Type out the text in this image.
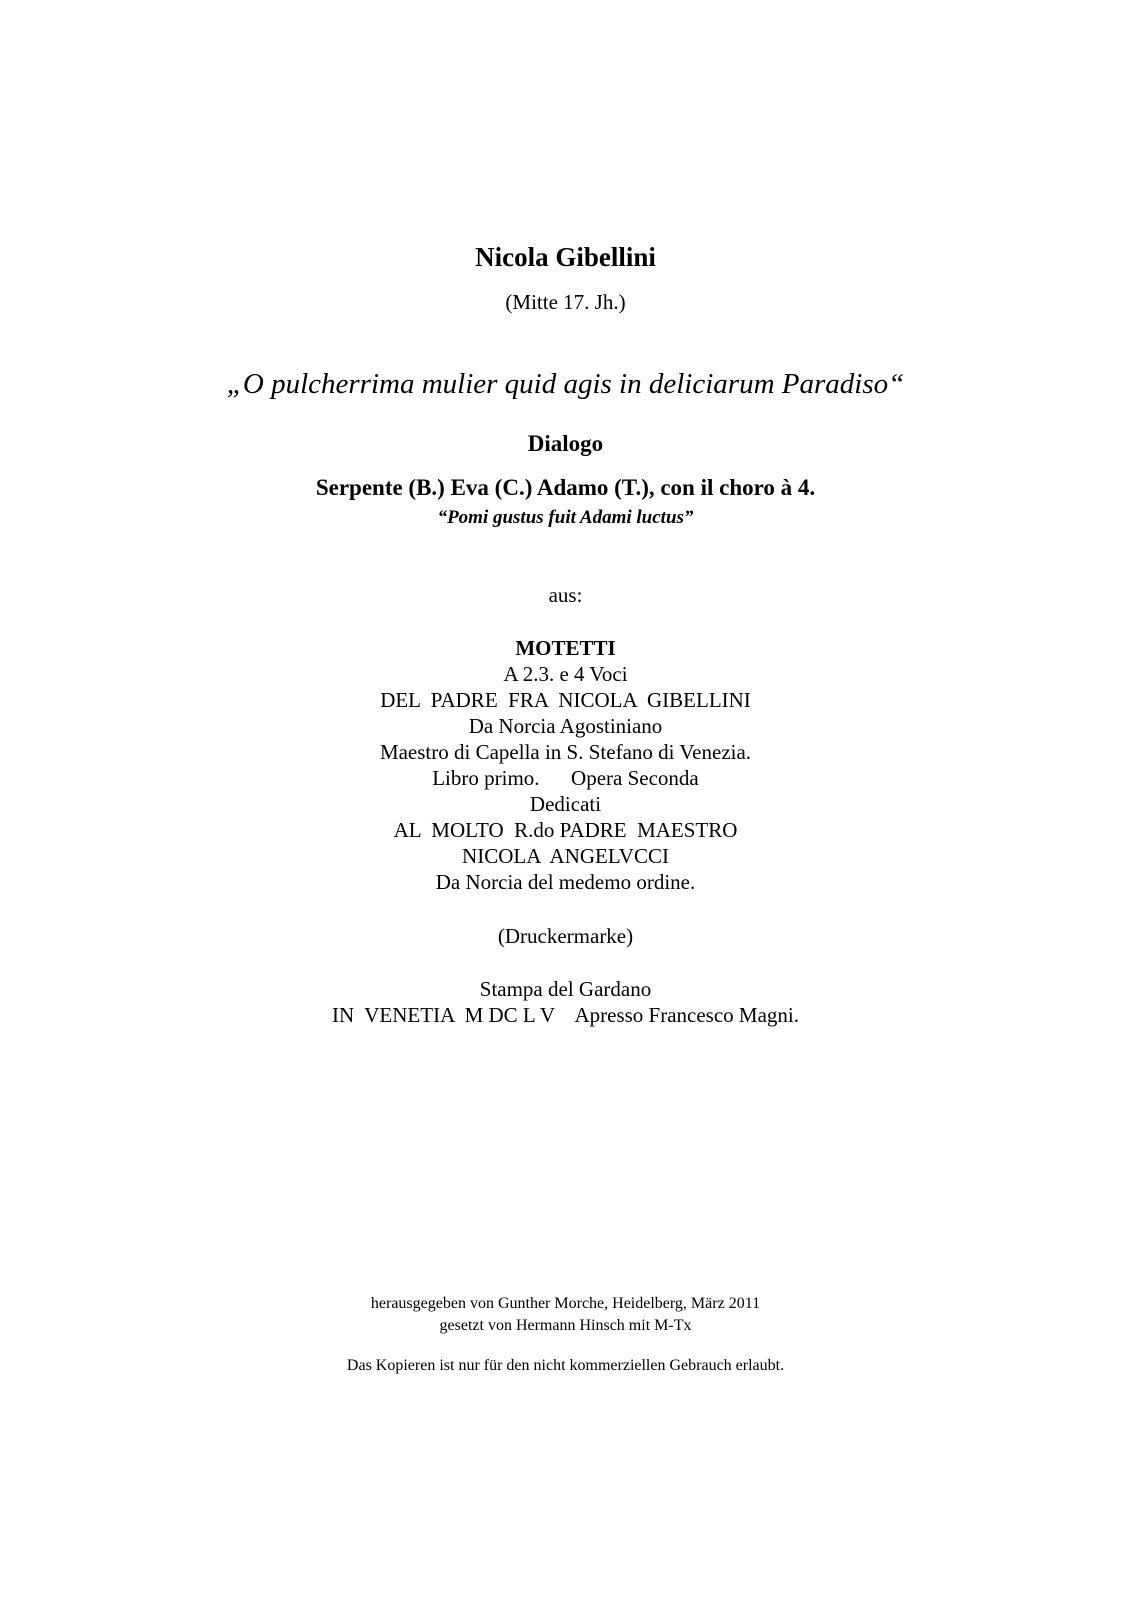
Nicola Gibellini
(Mitte 17. Jh.)
„O pulcherrima mulier quid agis in deliciarum Paradiso“
Dialogo
Serpente (B.) Eva (C.) Adamo (T.), con il choro à 4.
“Pomi gustus fuit Adami luctus”
aus:
MOTETTI
A 2.3. e 4 Voci
DEL  PADRE  FRA  NICOLA  GIBELLINI
Da Norcia Agostiniano
Maestro di Capella in S. Stefano di Venezia.
Libro primo.      Opera Seconda
Dedicati
AL  MOLTO  R.do PADRE  MAESTRO
NICOLA  ANGELVCCI
Da Norcia del medemo ordine.
(Druckermarke)
Stampa del Gardano
IN  VENETIA  M DC L V    Apresso Francesco Magni.
herausgegeben von Gunther Morche, Heidelberg, März 2011
gesetzt von Hermann Hinsch mit M-Tx
Das Kopieren ist nur für den nicht kommerziellen Gebrauch erlaubt.
